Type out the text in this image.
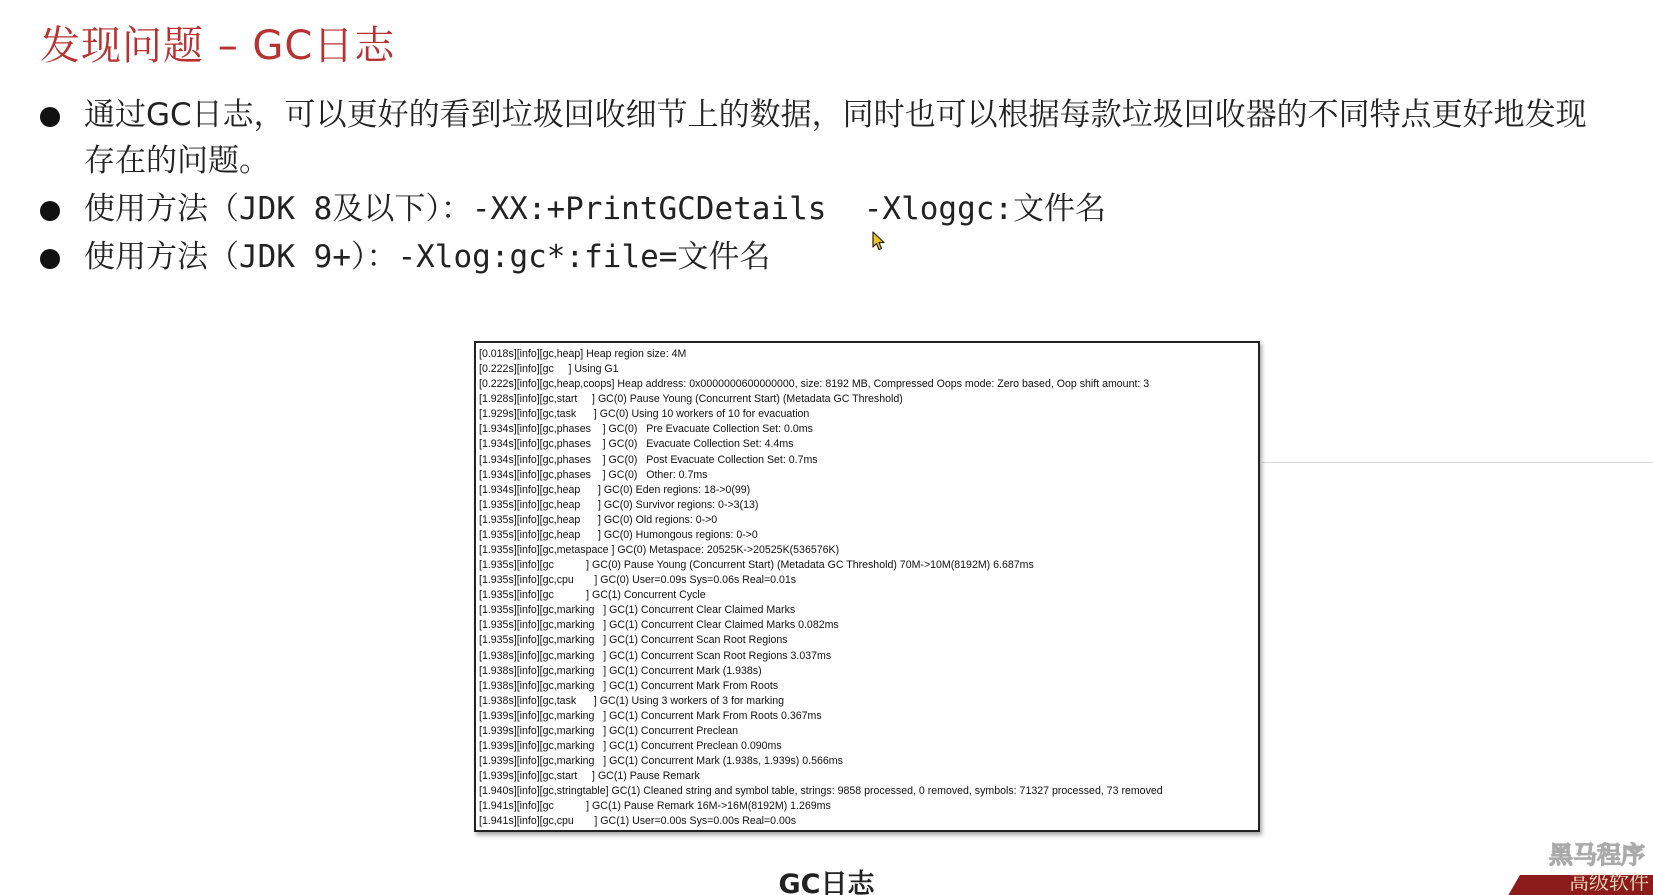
发现问题 – GC日志
通过GC日志，可以更好的看到垃圾回收细节上的数据，同时也可以根据每款垃圾回收器的不同特点更好地发现存在的问题。
使用方法（JDK 8及以下）：-XX:+PrintGCDetails  -Xloggc:文件名
使用方法（JDK 9+）：-Xlog:gc*:file=文件名
[0.018s][info][gc,heap] Heap region size: 4M
[0.222s][info][gc     ] Using G1
[0.222s][info][gc,heap,coops] Heap address: 0x0000000600000000, size: 8192 MB, Compressed Oops mode: Zero based, Oop shift amount: 3
[1.928s][info][gc,start     ] GC(0) Pause Young (Concurrent Start) (Metadata GC Threshold)
[1.929s][info][gc,task      ] GC(0) Using 10 workers of 10 for evacuation
[1.934s][info][gc,phases    ] GC(0)   Pre Evacuate Collection Set: 0.0ms
[1.934s][info][gc,phases    ] GC(0)   Evacuate Collection Set: 4.4ms
[1.934s][info][gc,phases    ] GC(0)   Post Evacuate Collection Set: 0.7ms
[1.934s][info][gc,phases    ] GC(0)   Other: 0.7ms
[1.934s][info][gc,heap      ] GC(0) Eden regions: 18->0(99)
[1.935s][info][gc,heap      ] GC(0) Survivor regions: 0->3(13)
[1.935s][info][gc,heap      ] GC(0) Old regions: 0->0
[1.935s][info][gc,heap      ] GC(0) Humongous regions: 0->0
[1.935s][info][gc,metaspace ] GC(0) Metaspace: 20525K->20525K(536576K)
[1.935s][info][gc           ] GC(0) Pause Young (Concurrent Start) (Metadata GC Threshold) 70M->10M(8192M) 6.687ms
[1.935s][info][gc,cpu       ] GC(0) User=0.09s Sys=0.06s Real=0.01s
[1.935s][info][gc           ] GC(1) Concurrent Cycle
[1.935s][info][gc,marking   ] GC(1) Concurrent Clear Claimed Marks
[1.935s][info][gc,marking   ] GC(1) Concurrent Clear Claimed Marks 0.082ms
[1.935s][info][gc,marking   ] GC(1) Concurrent Scan Root Regions
[1.938s][info][gc,marking   ] GC(1) Concurrent Scan Root Regions 3.037ms
[1.938s][info][gc,marking   ] GC(1) Concurrent Mark (1.938s)
[1.938s][info][gc,marking   ] GC(1) Concurrent Mark From Roots
[1.938s][info][gc,task      ] GC(1) Using 3 workers of 3 for marking
[1.939s][info][gc,marking   ] GC(1) Concurrent Mark From Roots 0.367ms
[1.939s][info][gc,marking   ] GC(1) Concurrent Preclean
[1.939s][info][gc,marking   ] GC(1) Concurrent Preclean 0.090ms
[1.939s][info][gc,marking   ] GC(1) Concurrent Mark (1.938s, 1.939s) 0.566ms
[1.939s][info][gc,start     ] GC(1) Pause Remark
[1.940s][info][gc,stringtable] GC(1) Cleaned string and symbol table, strings: 9858 processed, 0 removed, symbols: 71327 processed, 73 removed
[1.941s][info][gc           ] GC(1) Pause Remark 16M->16M(8192M) 1.269ms
[1.941s][info][gc,cpu       ] GC(1) User=0.00s Sys=0.00s Real=0.00s
GC日志
黑马程序
高级软件
